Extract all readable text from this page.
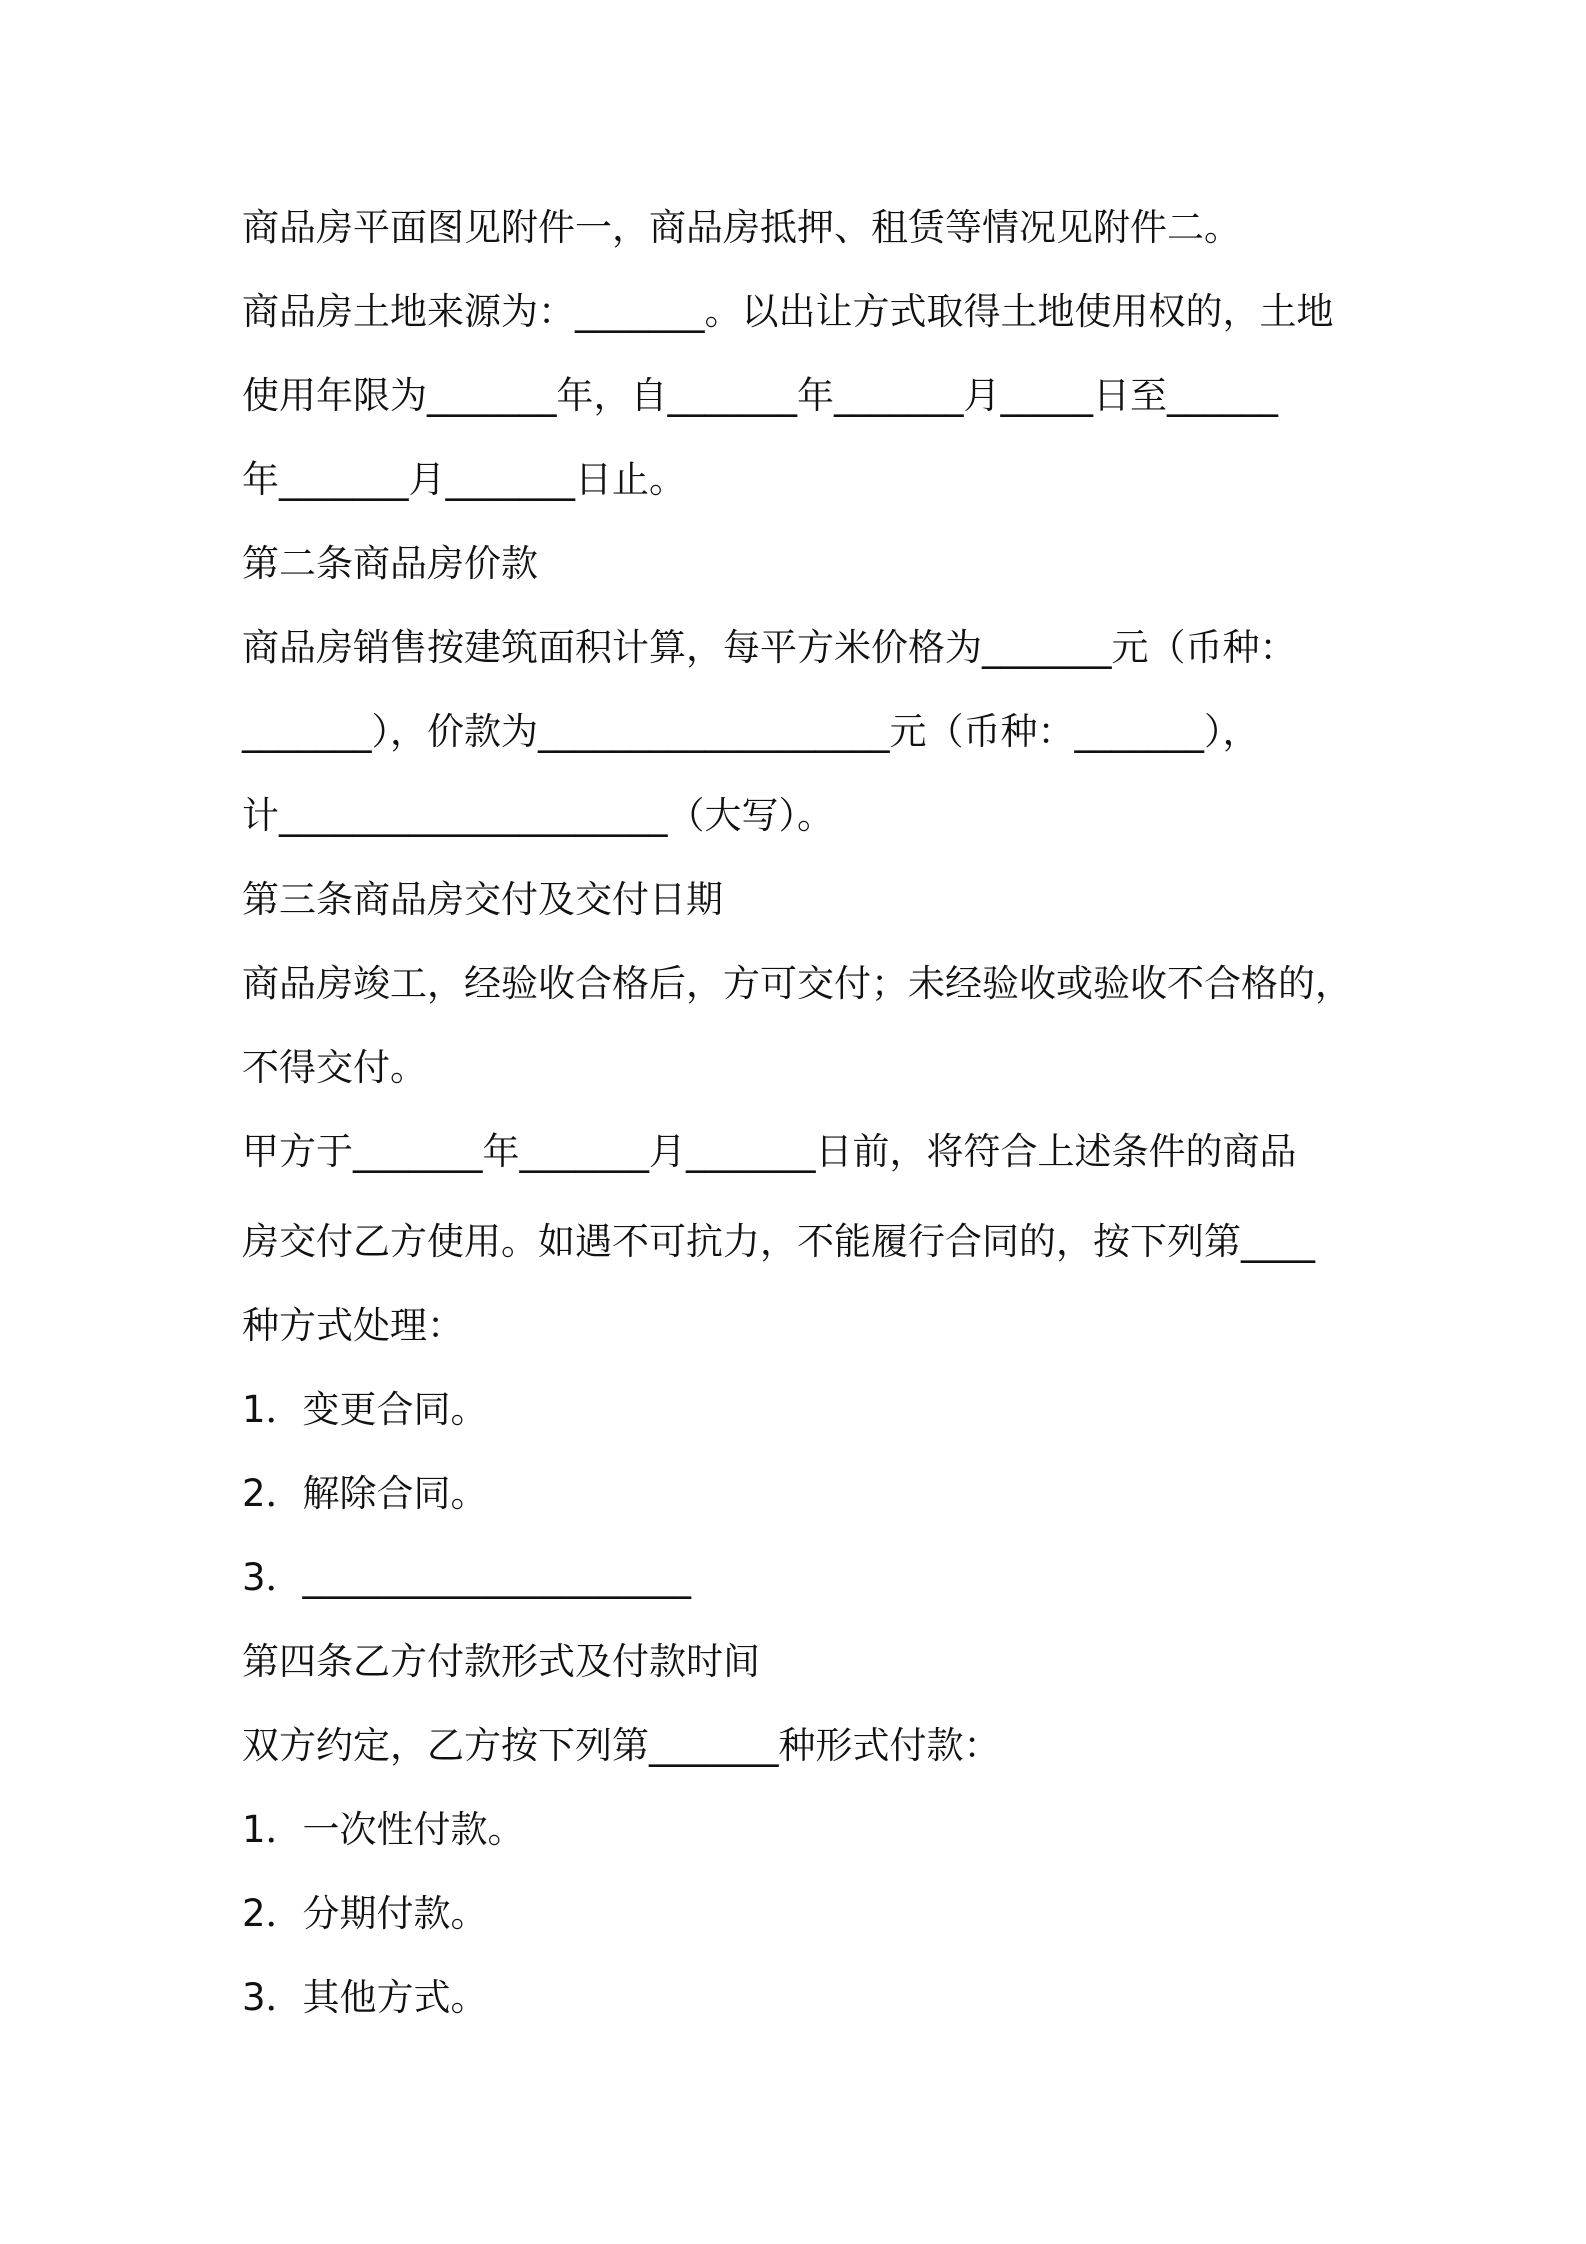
商品房平面图见附件一，商品房抵押、租赁等情况见附件二。
商品房土地来源为：_______。以出让方式取得土地使用权的，土地
使用年限为_______年，自_______年_______月_____日至______
年_______月_______日止。
第二条商品房价款
商品房销售按建筑面积计算，每平方米价格为_______元（币种：
_______），价款为___________________元（币种：_______），
计_____________________（大写）。
第三条商品房交付及交付日期
商品房竣工，经验收合格后，方可交付；未经验收或验收不合格的，
不得交付。
甲方于_______年_______月_______日前，将符合上述条件的商品
房交付乙方使用。如遇不可抗力，不能履行合同的，按下列第____
种方式处理：
1．变更合同。
2．解除合同。
3．_____________________
第四条乙方付款形式及付款时间
双方约定，乙方按下列第_______种形式付款：
1．一次性付款。
2．分期付款。
3．其他方式。
